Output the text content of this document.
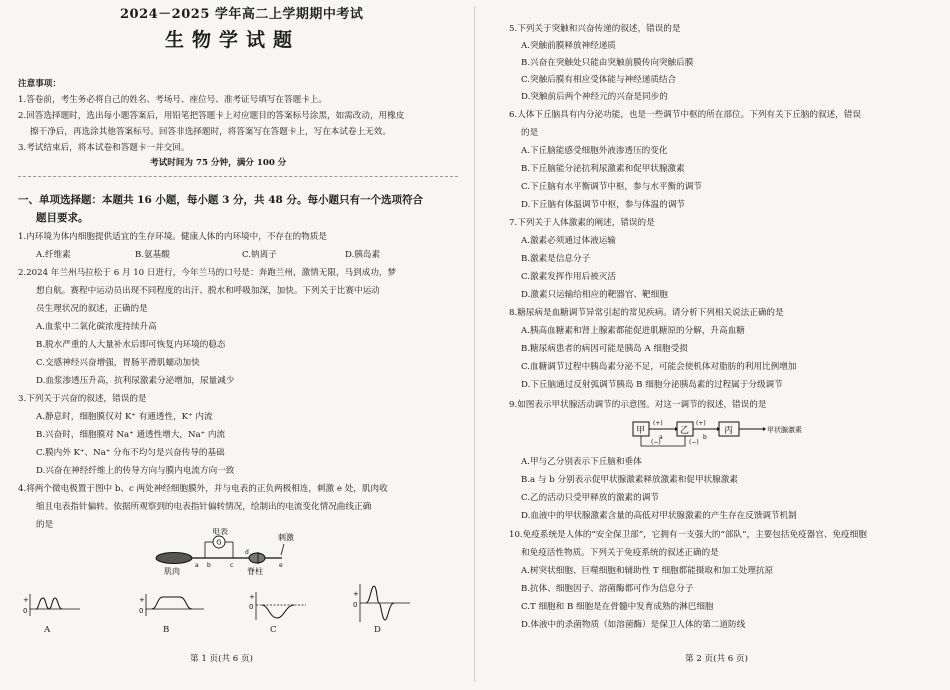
2024－2025 学年高二上学期期中考试
生物学试题
注意事项：
1.答卷前，考生务必将自己的姓名、考场号、座位号、准考证号填写在答题卡上。
2.回答选择题时，选出每小题答案后，用铅笔把答题卡上对应题目的答案标号涂黑，如需改动，用橡皮
擦干净后，再选涂其他答案标号。回答非选择题时，将答案写在答题卡上，写在本试卷上无效。
3.考试结束后，将本试卷和答题卡一并交回。
考试时间为 75 分钟，满分 100 分
一、单项选择题：本题共 16 小题，每小题 3 分，共 48 分。每小题只有一个选项符合
题目要求。
1.内环境为体内细胞提供适宜的生存环境。健康人体的内环境中，不存在的物质是
A.纤维素	B.氨基酸	C.钠离子	D.胰岛素
2.2024 年兰州马拉松于 6 月 10 日进行，今年兰马的口号是：奔跑兰州，激情无限，马到成功，梦
想自航。赛程中运动员出现不同程度的出汗、脱水和呼吸加深，加快。下列关于比赛中运动
员生理状况的叙述，正确的是
A.血浆中二氧化碳浓度持续升高
B.脱水严重的人大量补水后即可恢复内环境的稳态
C.交感神经兴奋增强，胃肠平滑肌蠕动加快
D.血浆渗透压升高，抗利尿激素分泌增加，尿量减少
3.下列关于兴奋的叙述，错误的是
A.静息时，细胞膜仅对 K⁺ 有通透性，K⁺ 内流
B.兴奋时，细胞膜对 Na⁺ 通透性增大，Na⁺ 内流
C.膜内外 K⁺、Na⁺ 分布不均匀是兴奋传导的基础
D.兴奋在神经纤维上的传导方向与膜内电流方向一致
4.将两个微电极置于图中 b、c 两处神经细胞膜外，并与电表的正负两极相连，刺激 e 处，肌肉收
缩且电表指针偏转。依据所观察到的电表指针偏转情况，绘制出的电流变化情况曲线正确
的是
G
电表
刺激
肌肉	脊柱
a b	c
d
e
+
0
+
0
+
0
+
0
A	B	C	D
第 1 页(共 6 页)
5.下列关于突触和兴奋传递的叙述，错误的是
A.突触前膜释放神经递质
B.兴奋在突触处只能由突触前膜传向突触后膜
C.突触后膜有相应受体能与神经递质结合
D.突触前后两个神经元的兴奋是同步的
6.人体下丘脑具有内分泌功能，也是一些调节中枢的所在部位。下列有关下丘脑的叙述，错误
的是
A.下丘脑能感受细胞外液渗透压的变化
B.下丘脑能分泌抗利尿激素和促甲状腺激素
C.下丘脑有水平衡调节中枢，参与水平衡的调节
D.下丘脑有体温调节中枢，参与体温的调节
7.下列关于人体激素的阐述，错误的是
A.激素必须通过体液运输
B.激素是信息分子
C.激素发挥作用后被灭活
D.激素只运输给相应的靶器官、靶细胞
8.糖尿病是血糖调节异常引起的常见疾病。请分析下列相关说法正确的是
A.胰高血糖素和肾上腺素都能促进肌糖原的分解，升高血糖
B.糖尿病患者的病因可能是胰岛 A 细胞受损
C.血糖调节过程中胰岛素分泌不足，可能会使机体对脂肪的利用比例增加
D.下丘脑通过反射弧调节胰岛 B 细胞分泌胰岛素的过程属于分级调节
9.如图表示甲状腺活动调节的示意图。对这一调节的叙述，错误的是
甲	乙	丙
(+)
a
(+)
b
甲状腺激素
(−)	(−)
A.甲与乙分别表示下丘脑和垂体
B.a 与 b 分别表示促甲状腺激素释放激素和促甲状腺激素
C.乙的活动只受甲释放的激素的调节
D.血液中的甲状腺激素含量的高低对甲状腺激素的产生存在反馈调节机制
10.免疫系统是人体的“安全保卫部”，它拥有一支强大的“部队”，主要包括免疫器官、免疫细胞
和免疫活性物质。下列关于免疫系统的叙述正确的是
A.树突状细胞、巨噬细胞和辅助性 T 细胞都能摄取和加工处理抗原
B.抗体、细胞因子、溶菌酶都可作为信息分子
C.T 细胞和 B 细胞是在骨髓中发育成熟的淋巴细胞
D.体液中的杀菌物质（如溶菌酶）是保卫人体的第二道防线
第 2 页(共 6 页)
